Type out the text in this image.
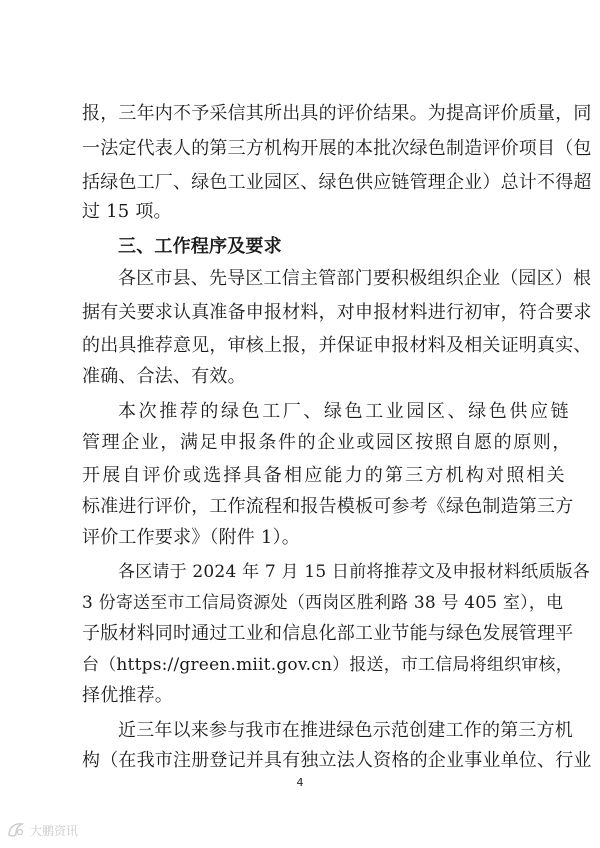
报，三年内不予采信其所出具的评价结果。为提高评价质量，同
一法定代表人的第三方机构开展的本批次绿色制造评价项目（包
括绿色工厂、绿色工业园区、绿色供应链管理企业）总计不得超
过 15 项。
三、工作程序及要求
各区市县、先导区工信主管部门要积极组织企业（园区）根
据有关要求认真准备申报材料，对申报材料进行初审，符合要求
的出具推荐意见，审核上报，并保证申报材料及相关证明真实、
准确、合法、有效。
本次推荐的绿色工厂、绿色工业园区、绿色供应链
管理企业，满足申报条件的企业或园区按照自愿的原则，
开展自评价或选择具备相应能力的第三方机构对照相关
标准进行评价，工作流程和报告模板可参考《绿色制造第三方
评价工作要求》（附件 1）。
各区请于 2024 年 7 月 15 日前将推荐文及申报材料纸质版各
3 份寄送至市工信局资源处（西岗区胜利路 38 号 405 室），电
子版材料同时通过工业和信息化部工业节能与绿色发展管理平
台（https://green.miit.gov.cn）报送，市工信局将组织审核，
择优推荐。
近三年以来参与我市在推进绿色示范创建工作的第三方机
构（在我市注册登记并具有独立法人资格的企业事业单位、行业
4
大鹏资讯
